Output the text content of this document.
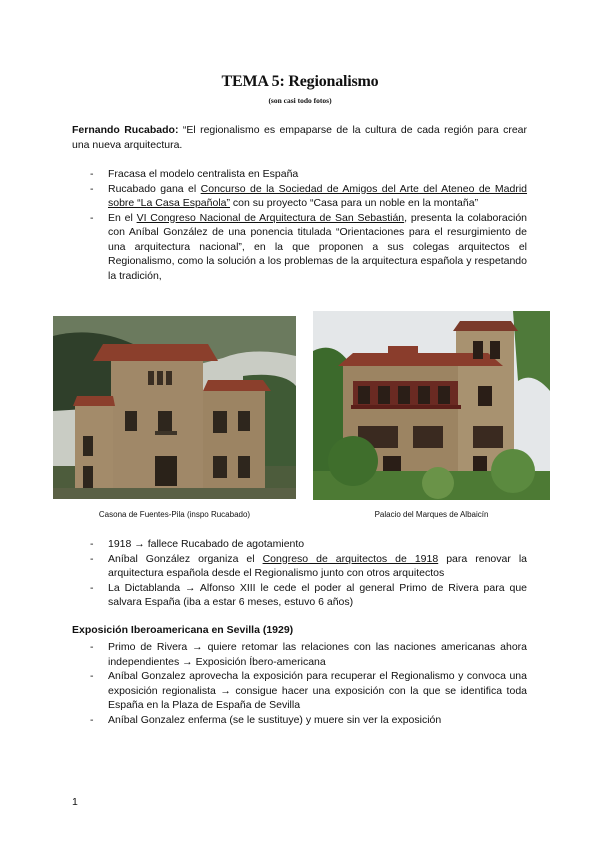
TEMA 5: Regionalismo
(son casi todo fotos)
Fernando Rucabado: “El regionalismo es empaparse de la cultura de cada región para crear una nueva arquitectura.
- Fracasa el modelo centralista en España
- Rucabado gana el Concurso de la Sociedad de Amigos del Arte del Ateneo de Madrid sobre “La Casa Española” con su proyecto “Casa para un noble en la montaña”
- En el VI Congreso Nacional de Arquitectura de San Sebastián, presenta la colaboración con Aníbal González de una ponencia titulada “Orientaciones para el resurgimiento de una arquitectura nacional”, en la que proponen a sus colegas arquitectos el Regionalismo, como la solución a los problemas de la arquitectura española y respetando la tradición,
Casona de Fuentes-Pila (inspo Rucabado)	Palacio del Marques de Albaicín
- 1918 → fallece Rucabado de agotamiento
- Aníbal González organiza el Congreso de arquitectos de 1918 para renovar la arquitectura española desde el Regionalismo junto con otros arquitectos
- La Dictablanda → Alfonso XIII le cede el poder al general Primo de Rivera para que salvara España (iba a estar 6 meses, estuvo 6 años)
Exposición Iberoamericana en Sevilla (1929)
- Primo de Rivera → quiere retomar las relaciones con las naciones americanas ahora independientes → Exposición Íbero-americana
- Aníbal Gonzalez aprovecha la exposición para recuperar el Regionalismo y convoca una exposición regionalista → consigue hacer una exposición con la que se identifica toda España en la Plaza de España de Sevilla
- Aníbal Gonzalez enferma (se le sustituye) y muere sin ver la exposición
1
